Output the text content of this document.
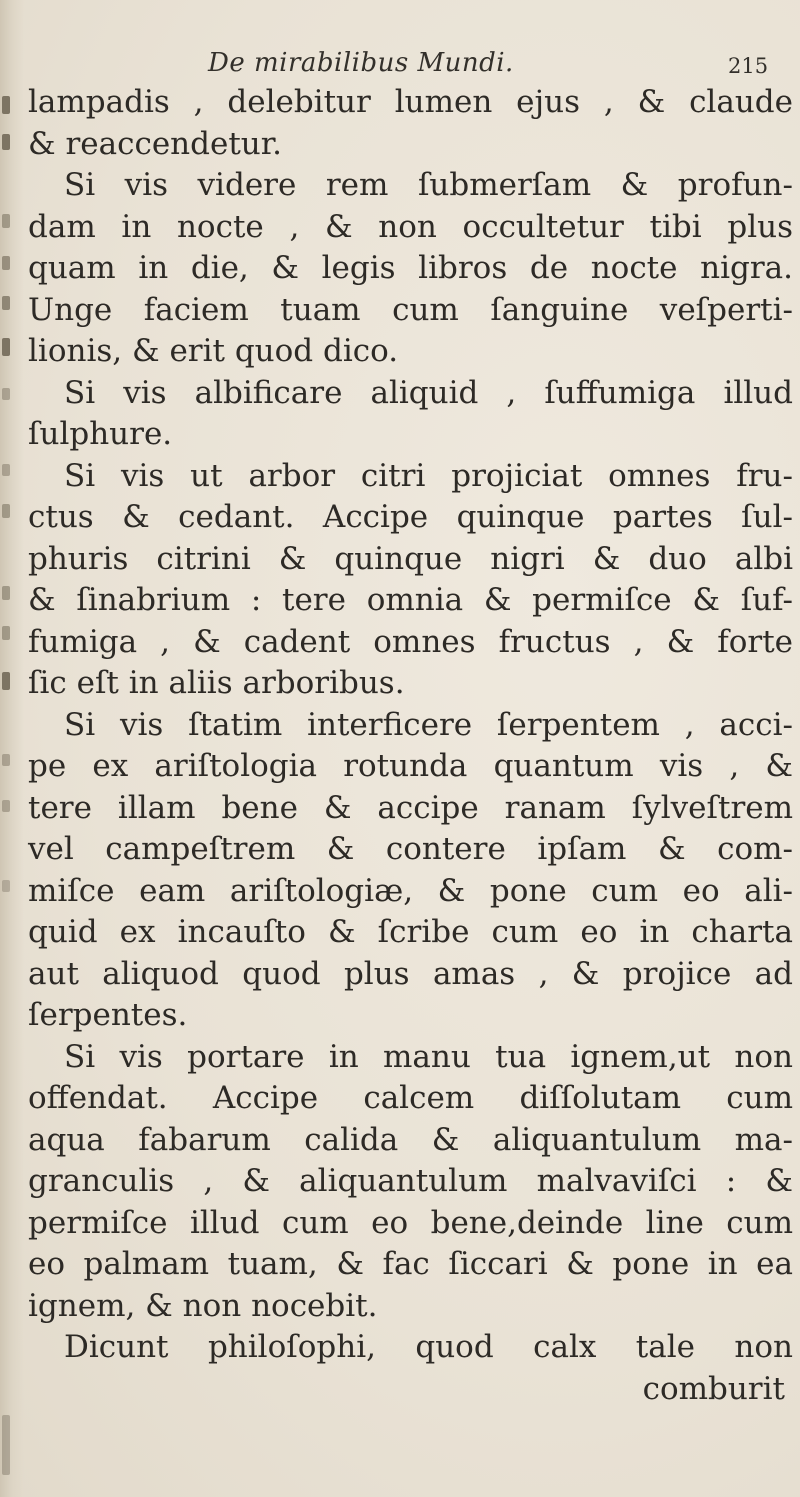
De mirabilibus Mundi.	215
lampadis , delebitur lumen ejus , & claude
& reaccendetur.
Si vis videre rem ſubmerſam & profun-
dam in nocte , & non occultetur tibi plus
quam in die, & legis libros de nocte nigra.
Unge faciem tuam cum ſanguine veſperti-
lionis, & erit quod dico.
Si vis albificare aliquid , ſuffumiga illud
ſulphure.
Si vis ut arbor citri projiciat omnes fru-
ctus & cedant. Accipe quinque partes ſul-
phuris citrini & quinque nigri & duo albi
& ſinabrium : tere omnia & permiſce & ſuf-
fumiga , & cadent omnes fructus , & forte
ſic eſt in aliis arboribus.
Si vis ſtatim interficere ſerpentem , acci-
pe ex ariſtologia rotunda quantum vis , &
tere illam bene & accipe ranam ſylveſtrem
vel campeſtrem & contere ipſam & com-
miſce eam ariſtologiæ, & pone cum eo ali-
quid ex incauſto & ſcribe cum eo in charta
aut aliquod quod plus amas , & projice ad
ſerpentes.
Si vis portare in manu tua ignem,ut non
offendat. Accipe calcem diſſolutam cum
aqua fabarum calida & aliquantulum ma-
granculis , & aliquantulum malvaviſci : &
permiſce illud cum eo bene,deinde line cum
eo palmam tuam, & fac ſiccari & pone in ea
ignem, & non nocebit.
Dicunt philoſophi, quod calx tale non
comburit
